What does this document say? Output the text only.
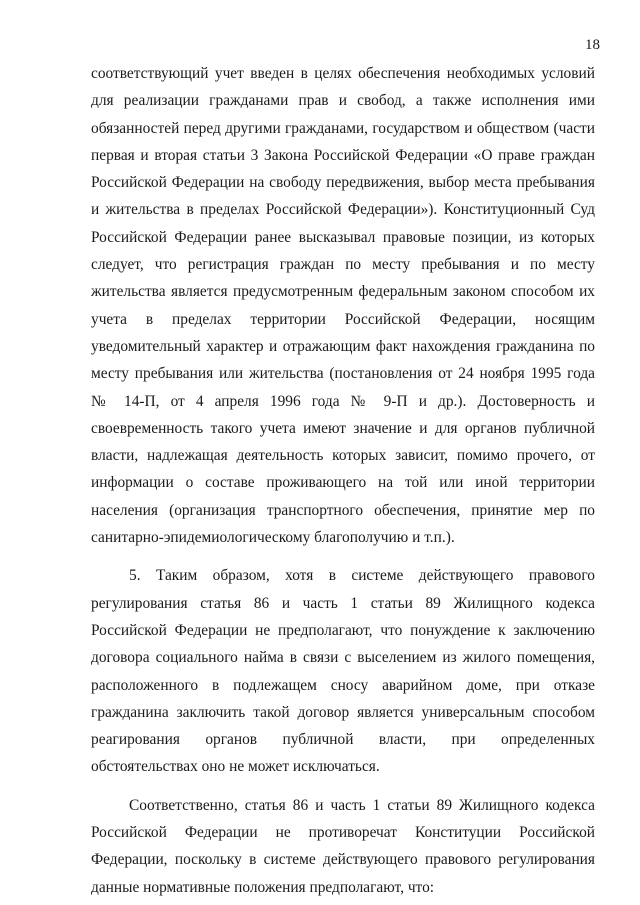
18

соответствующий учет введен в целях обеспечения необходимых условий для реализации гражданами прав и свобод, а также исполнения ими обязанностей перед другими гражданами, государством и обществом (части первая и вторая статьи 3 Закона Российской Федерации «О праве граждан Российской Федерации на свободу передвижения, выбор места пребывания и жительства в пределах Российской Федерации»). Конституционный Суд Российской Федерации ранее высказывал правовые позиции, из которых следует, что регистрация граждан по месту пребывания и по месту жительства является предусмотренным федеральным законом способом их учета в пределах территории Российской Федерации, носящим уведомительный характер и отражающим факт нахождения гражданина по месту пребывания или жительства (постановления от 24 ноября 1995 года № 14-П, от 4 апреля 1996 года № 9-П и др.). Достоверность и своевременность такого учета имеют значение и для органов публичной власти, надлежащая деятельность которых зависит, помимо прочего, от информации о составе проживающего на той или иной территории населения (организация транспортного обеспечения, принятие мер по санитарно-эпидемиологическому благополучию и т.п.).

5. Таким образом, хотя в системе действующего правового регулирования статья 86 и часть 1 статьи 89 Жилищного кодекса Российской Федерации не предполагают, что понуждение к заключению договора социального найма в связи с выселением из жилого помещения, расположенного в подлежащем сносу аварийном доме, при отказе гражданина заключить такой договор является универсальным способом реагирования органов публичной власти, при определенных обстоятельствах оно не может исключаться.

Соответственно, статья 86 и часть 1 статьи 89 Жилищного кодекса Российской Федерации не противоречат Конституции Российской Федерации, поскольку в системе действующего правового регулирования данные нормативные положения предполагают, что:
